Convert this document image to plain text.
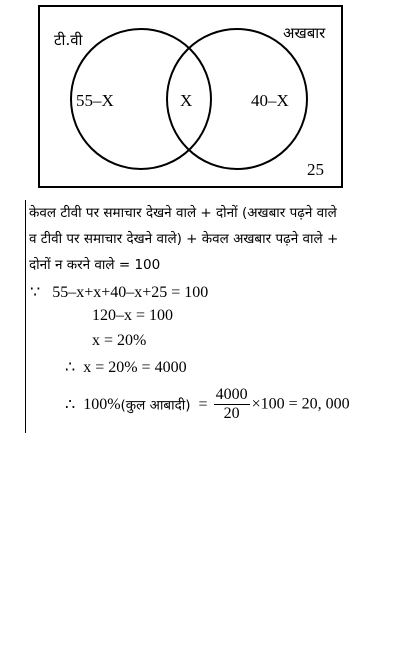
टी.वी	अखबार
55–X	X	40–X
25
केवल टीवी पर समाचार देखने वाले + दोनों (अखबार पढ़ने वाले
व टीवी पर समाचार देखने वाले) + केवल अखबार पढ़ने वाले +
दोनों न करने वाले = 100
∵ 55–x+x+40–x+25 = 100
120–x = 100
x = 20%
∴ x = 20% = 4000
∴ 100%(कुल आबादी) = $\frac{4000}{20} \times 100 = 20$, 000
